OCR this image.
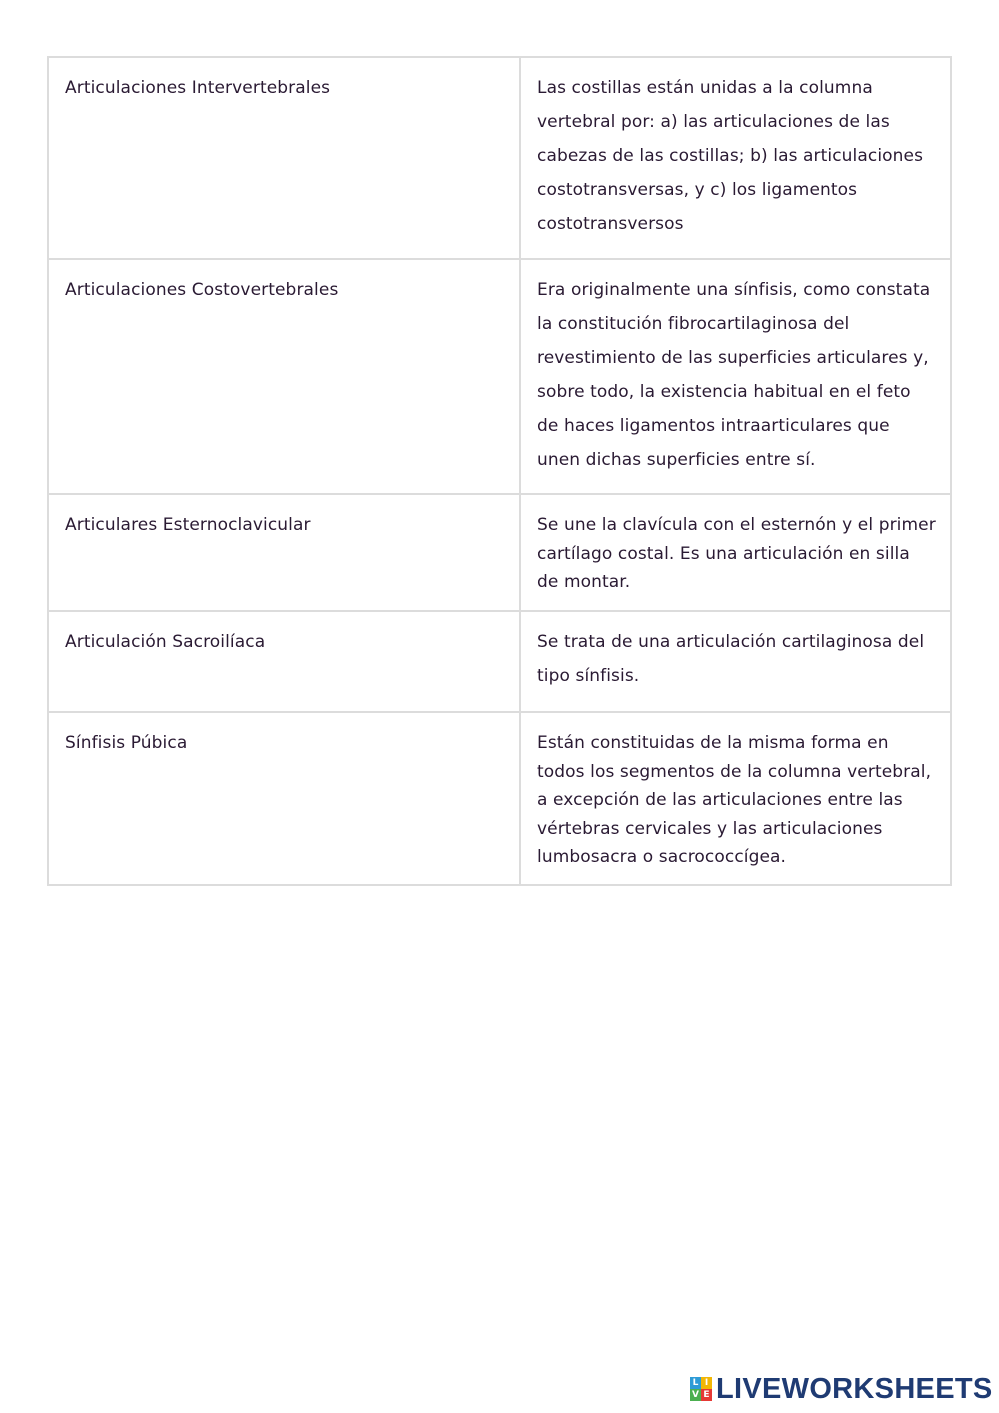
Articulaciones Intervertebrales	Las costillas están unidas a la columna vertebral por: a) las articulaciones de las cabezas de las costillas; b) las articulaciones costotransversas, y c) los ligamentos costotransversos
Articulaciones Costovertebrales	Era originalmente una sínfisis, como constata la constitución fibrocartilaginosa del revestimiento de las superficies articulares y, sobre todo, la existencia habitual en el feto de haces ligamentos intraarticulares que unen dichas superficies entre sí.
Articulares Esternoclavicular	Se une la clavícula con el esternón y el primer cartílago costal. Es una articulación en silla de montar.
Articulación Sacroilíaca	Se trata de una articulación cartilaginosa del tipo sínfisis.
Sínfisis Púbica	Están constituidas de la misma forma en todos los segmentos de la columna vertebral, a excepción de las articulaciones entre las vértebras cervicales y las articulaciones lumbosacra o sacrococcígea.
L I
V E LIVEWORKSHEETS
